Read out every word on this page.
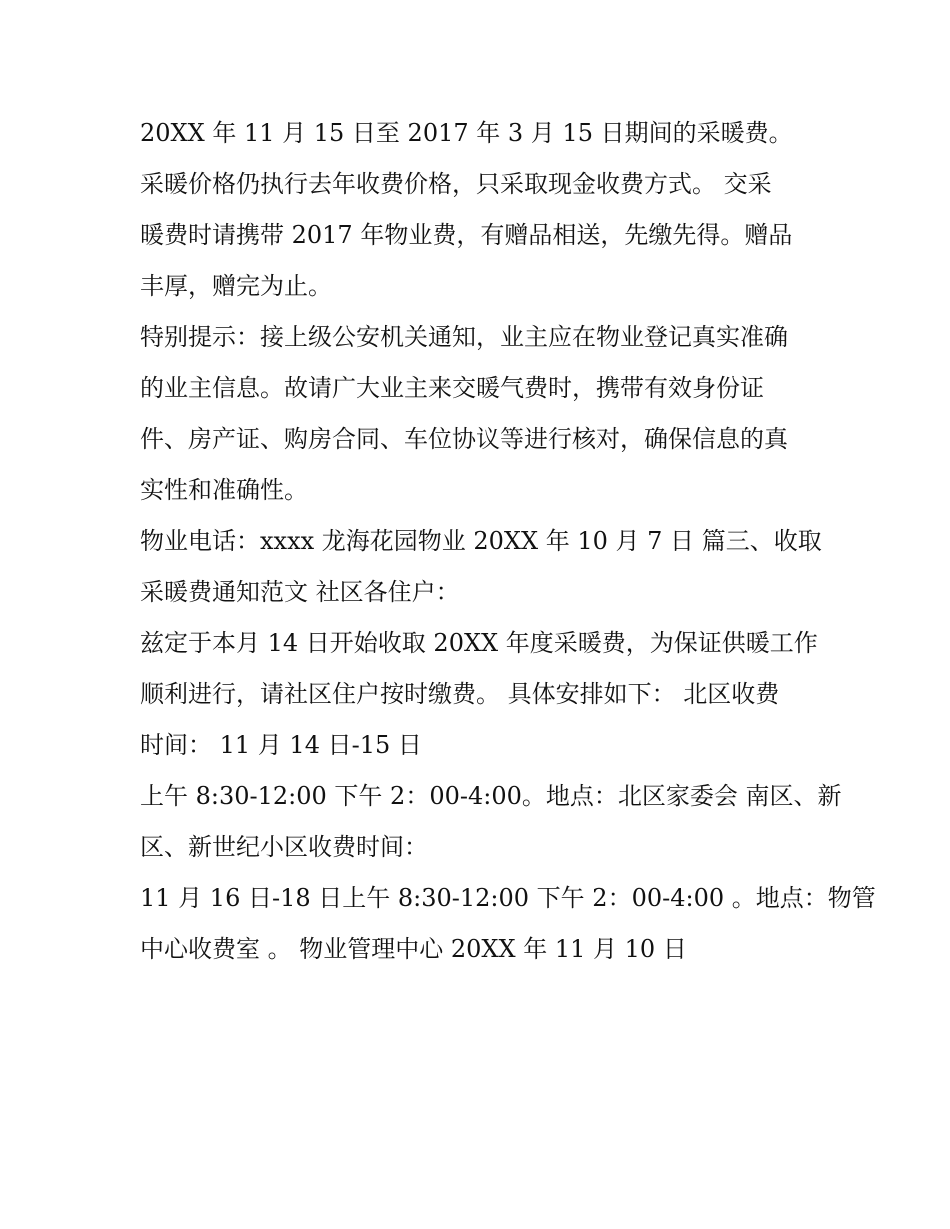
20XX 年 11 月 15 日至 2017 年 3 月 15 日期间的采暖费。
采暖价格仍执行去年收费价格，只采取现金收费方式。 交采
暖费时请携带 2017 年物业费，有赠品相送，先缴先得。赠品
丰厚，赠完为止。
特别提示：接上级公安机关通知，业主应在物业登记真实准确
的业主信息。故请广大业主来交暖气费时，携带有效身份证
件、房产证、购房合同、车位协议等进行核对，确保信息的真
实性和准确性。
物业电话：xxxx 龙海花园物业 20XX 年 10 月 7 日 篇三、收取
采暖费通知范文 社区各住户：
兹定于本月 14 日开始收取 20XX 年度采暖费，为保证供暖工作
顺利进行，请社区住户按时缴费。 具体安排如下： 北区收费
时间： 11 月 14 日-15 日
上午 8:30-12:00 下午 2：00-4:00。地点：北区家委会 南区、新
区、新世纪小区收费时间：
11 月 16 日-18 日上午 8:30-12:00 下午 2：00-4:00 。地点：物管
中心收费室 。 物业管理中心 20XX 年 11 月 10 日
